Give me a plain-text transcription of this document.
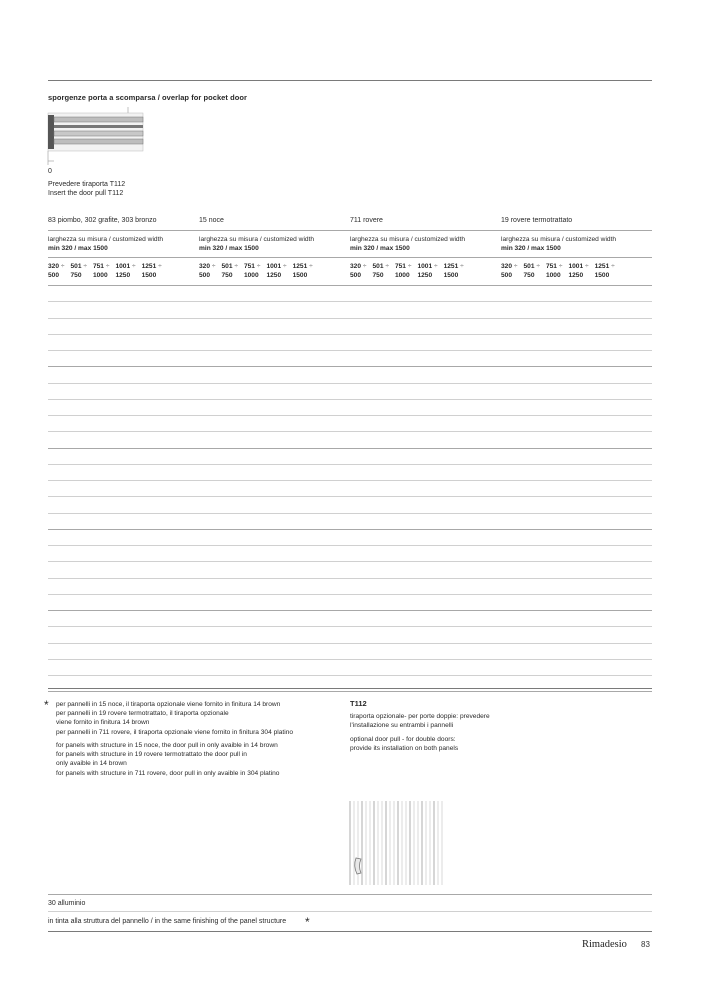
sporgenze porta a scomparsa / overlap for pocket door
0
Prevedere tiraporta T112
Insert the door pull T112
83 piombo, 302 grafite, 303 bronzo
larghezza su misura / customized width
min 320 / max 1500
320 ÷
500
501 ÷
750
751 ÷
1000
1001 ÷
1250
1251 ÷
1500
15 noce
larghezza su misura / customized width
min 320 / max 1500
320 ÷
500
501 ÷
750
751 ÷
1000
1001 ÷
1250
1251 ÷
1500
711 rovere
larghezza su misura / customized width
min 320 / max 1500
320 ÷
500
501 ÷
750
751 ÷
1000
1001 ÷
1250
1251 ÷
1500
19 rovere termotrattato
larghezza su misura / customized width
min 320 / max 1500
320 ÷
500
501 ÷
750
751 ÷
1000
1001 ÷
1250
1251 ÷
1500
* per pannelli in 15 noce, il tiraporta opzionale viene fornito in finitura 14 brown
per pannelli in 19 rovere termotrattato, il tiraporta opzionale
viene fornito in finitura 14 brown
per pannelli in 711 rovere, il tiraporta opzionale viene fornito in finitura 304 platino
for panels with structure in 15 noce, the door pull in only avaible in 14 brown
for panels with structure in 19 rovere termotrattato the door pull in
only avaible in 14 brown
for panels with structure in 711 rovere, door pull in only avaible in 304 platino
T112
tiraporta opzionale- per porte doppie: prevedere
l'installazione su entrambi i pannelli
optional door pull - for double doors:
provide its installation on both panels
30 alluminio
in tinta alla struttura del pannello / in the same finishing of the panel structure *
Rimadesio 83
